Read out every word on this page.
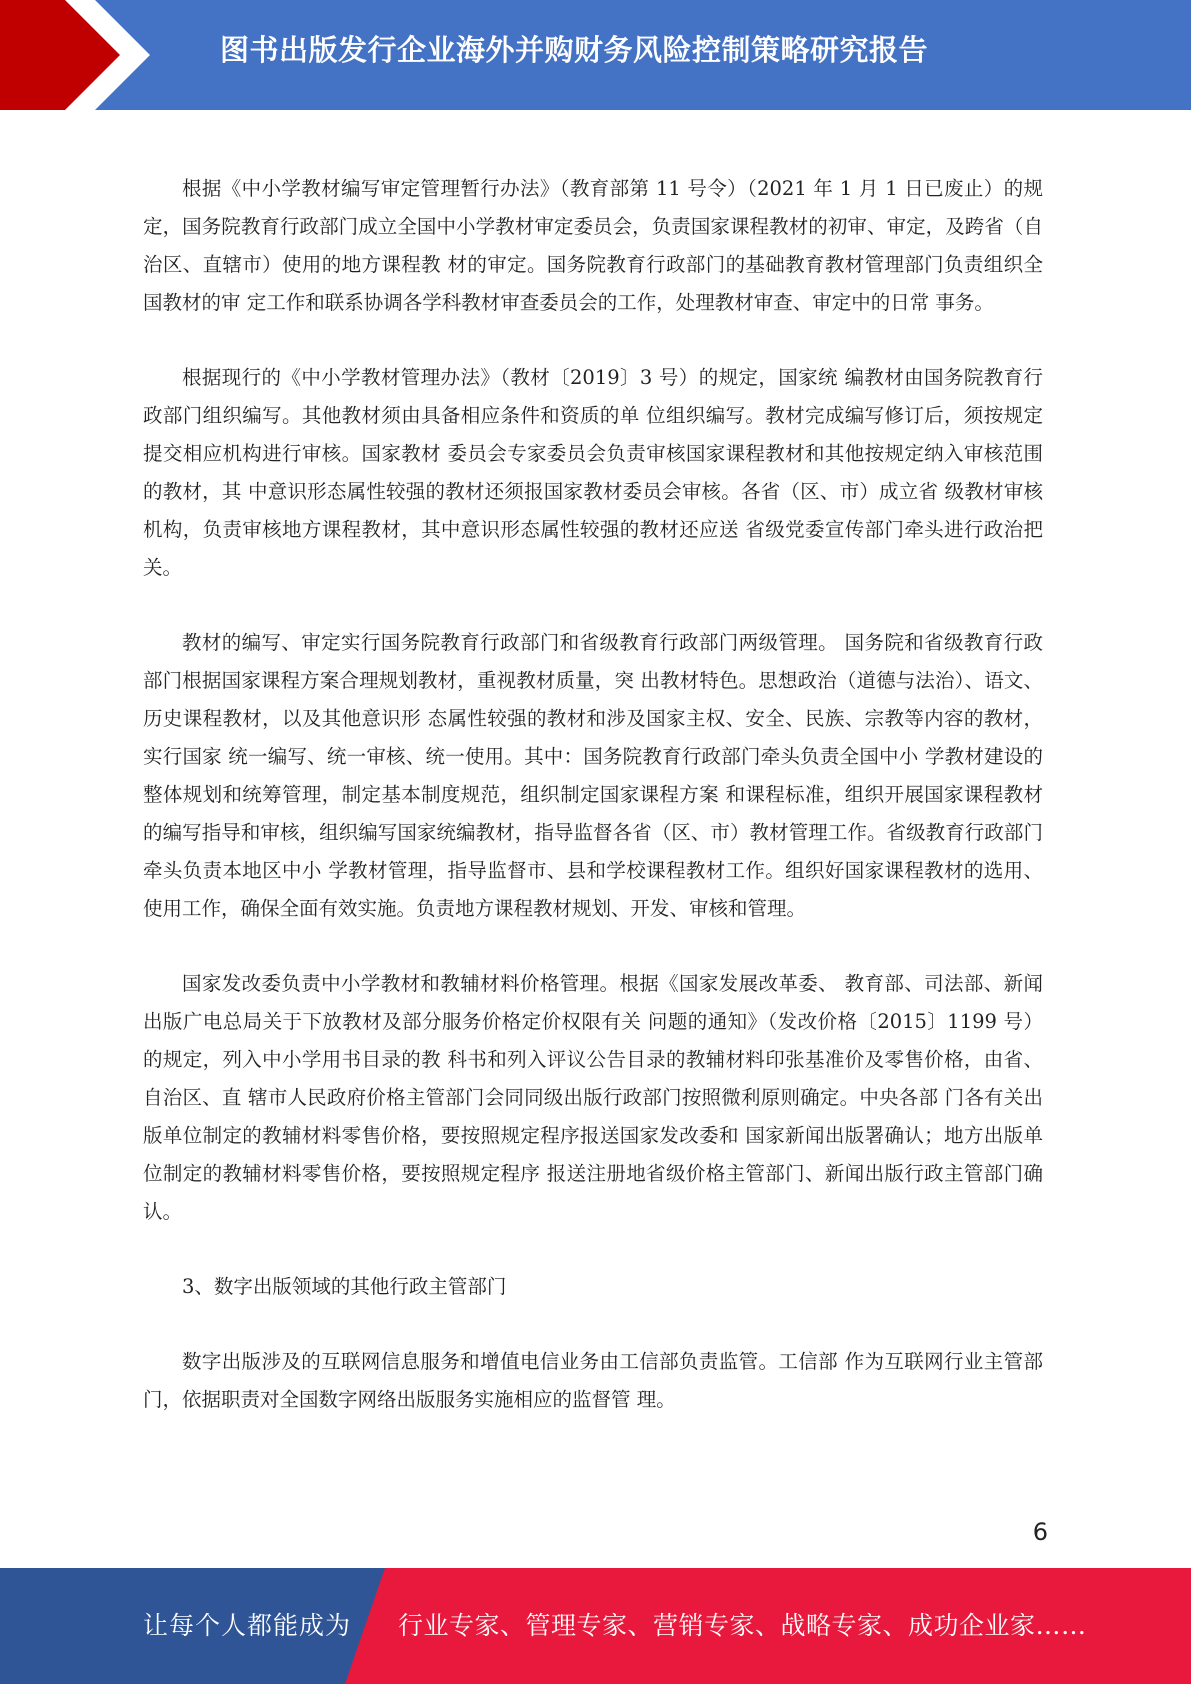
图书出版发行企业海外并购财务风险控制策略研究报告

根据《中小学教材编写审定管理暂行办法》（教育部第 11 号令）（2021 年 1 月 1 日已废止）的规定，国务院教育行政部门成立全国中小学教材审定委员会，负责国家课程教材的初审、审定，及跨省（自治区、直辖市）使用的地方课程教 材的审定。国务院教育行政部门的基础教育教材管理部门负责组织全国教材的审 定工作和联系协调各学科教材审查委员会的工作，处理教材审查、审定中的日常 事务。

根据现行的《中小学教材管理办法》（教材〔2019〕3 号）的规定，国家统 编教材由国务院教育行政部门组织编写。其他教材须由具备相应条件和资质的单 位组织编写。教材完成编写修订后，须按规定提交相应机构进行审核。国家教材 委员会专家委员会负责审核国家课程教材和其他按规定纳入审核范围的教材，其 中意识形态属性较强的教材还须报国家教材委员会审核。各省（区、市）成立省 级教材审核机构，负责审核地方课程教材，其中意识形态属性较强的教材还应送 省级党委宣传部门牵头进行政治把关。

教材的编写、审定实行国务院教育行政部门和省级教育行政部门两级管理。 国务院和省级教育行政部门根据国家课程方案合理规划教材，重视教材质量，突 出教材特色。思想政治（道德与法治）、语文、历史课程教材，以及其他意识形 态属性较强的教材和涉及国家主权、安全、民族、宗教等内容的教材，实行国家 统一编写、统一审核、统一使用。其中：国务院教育行政部门牵头负责全国中小 学教材建设的整体规划和统筹管理，制定基本制度规范，组织制定国家课程方案 和课程标准，组织开展国家课程教材的编写指导和审核，组织编写国家统编教材，指导监督各省（区、市）教材管理工作。省级教育行政部门牵头负责本地区中小 学教材管理，指导监督市、县和学校课程教材工作。组织好国家课程教材的选用、 使用工作，确保全面有效实施。负责地方课程教材规划、开发、审核和管理。

国家发改委负责中小学教材和教辅材料价格管理。根据《国家发展改革委、 教育部、司法部、新闻出版广电总局关于下放教材及部分服务价格定价权限有关 问题的通知》（发改价格〔2015〕1199 号）的规定，列入中小学用书目录的教 科书和列入评议公告目录的教辅材料印张基准价及零售价格，由省、自治区、直 辖市人民政府价格主管部门会同同级出版行政部门按照微利原则确定。中央各部 门各有关出版单位制定的教辅材料零售价格，要按照规定程序报送国家发改委和 国家新闻出版署确认；地方出版单位制定的教辅材料零售价格，要按照规定程序 报送注册地省级价格主管部门、新闻出版行政主管部门确认。

3、数字出版领域的其他行政主管部门

数字出版涉及的互联网信息服务和增值电信业务由工信部负责监管。工信部 作为互联网行业主管部门，依据职责对全国数字网络出版服务实施相应的监督管 理。

6
让每个人都能成为 行业专家、管理专家、营销专家、战略专家、成功企业家……
